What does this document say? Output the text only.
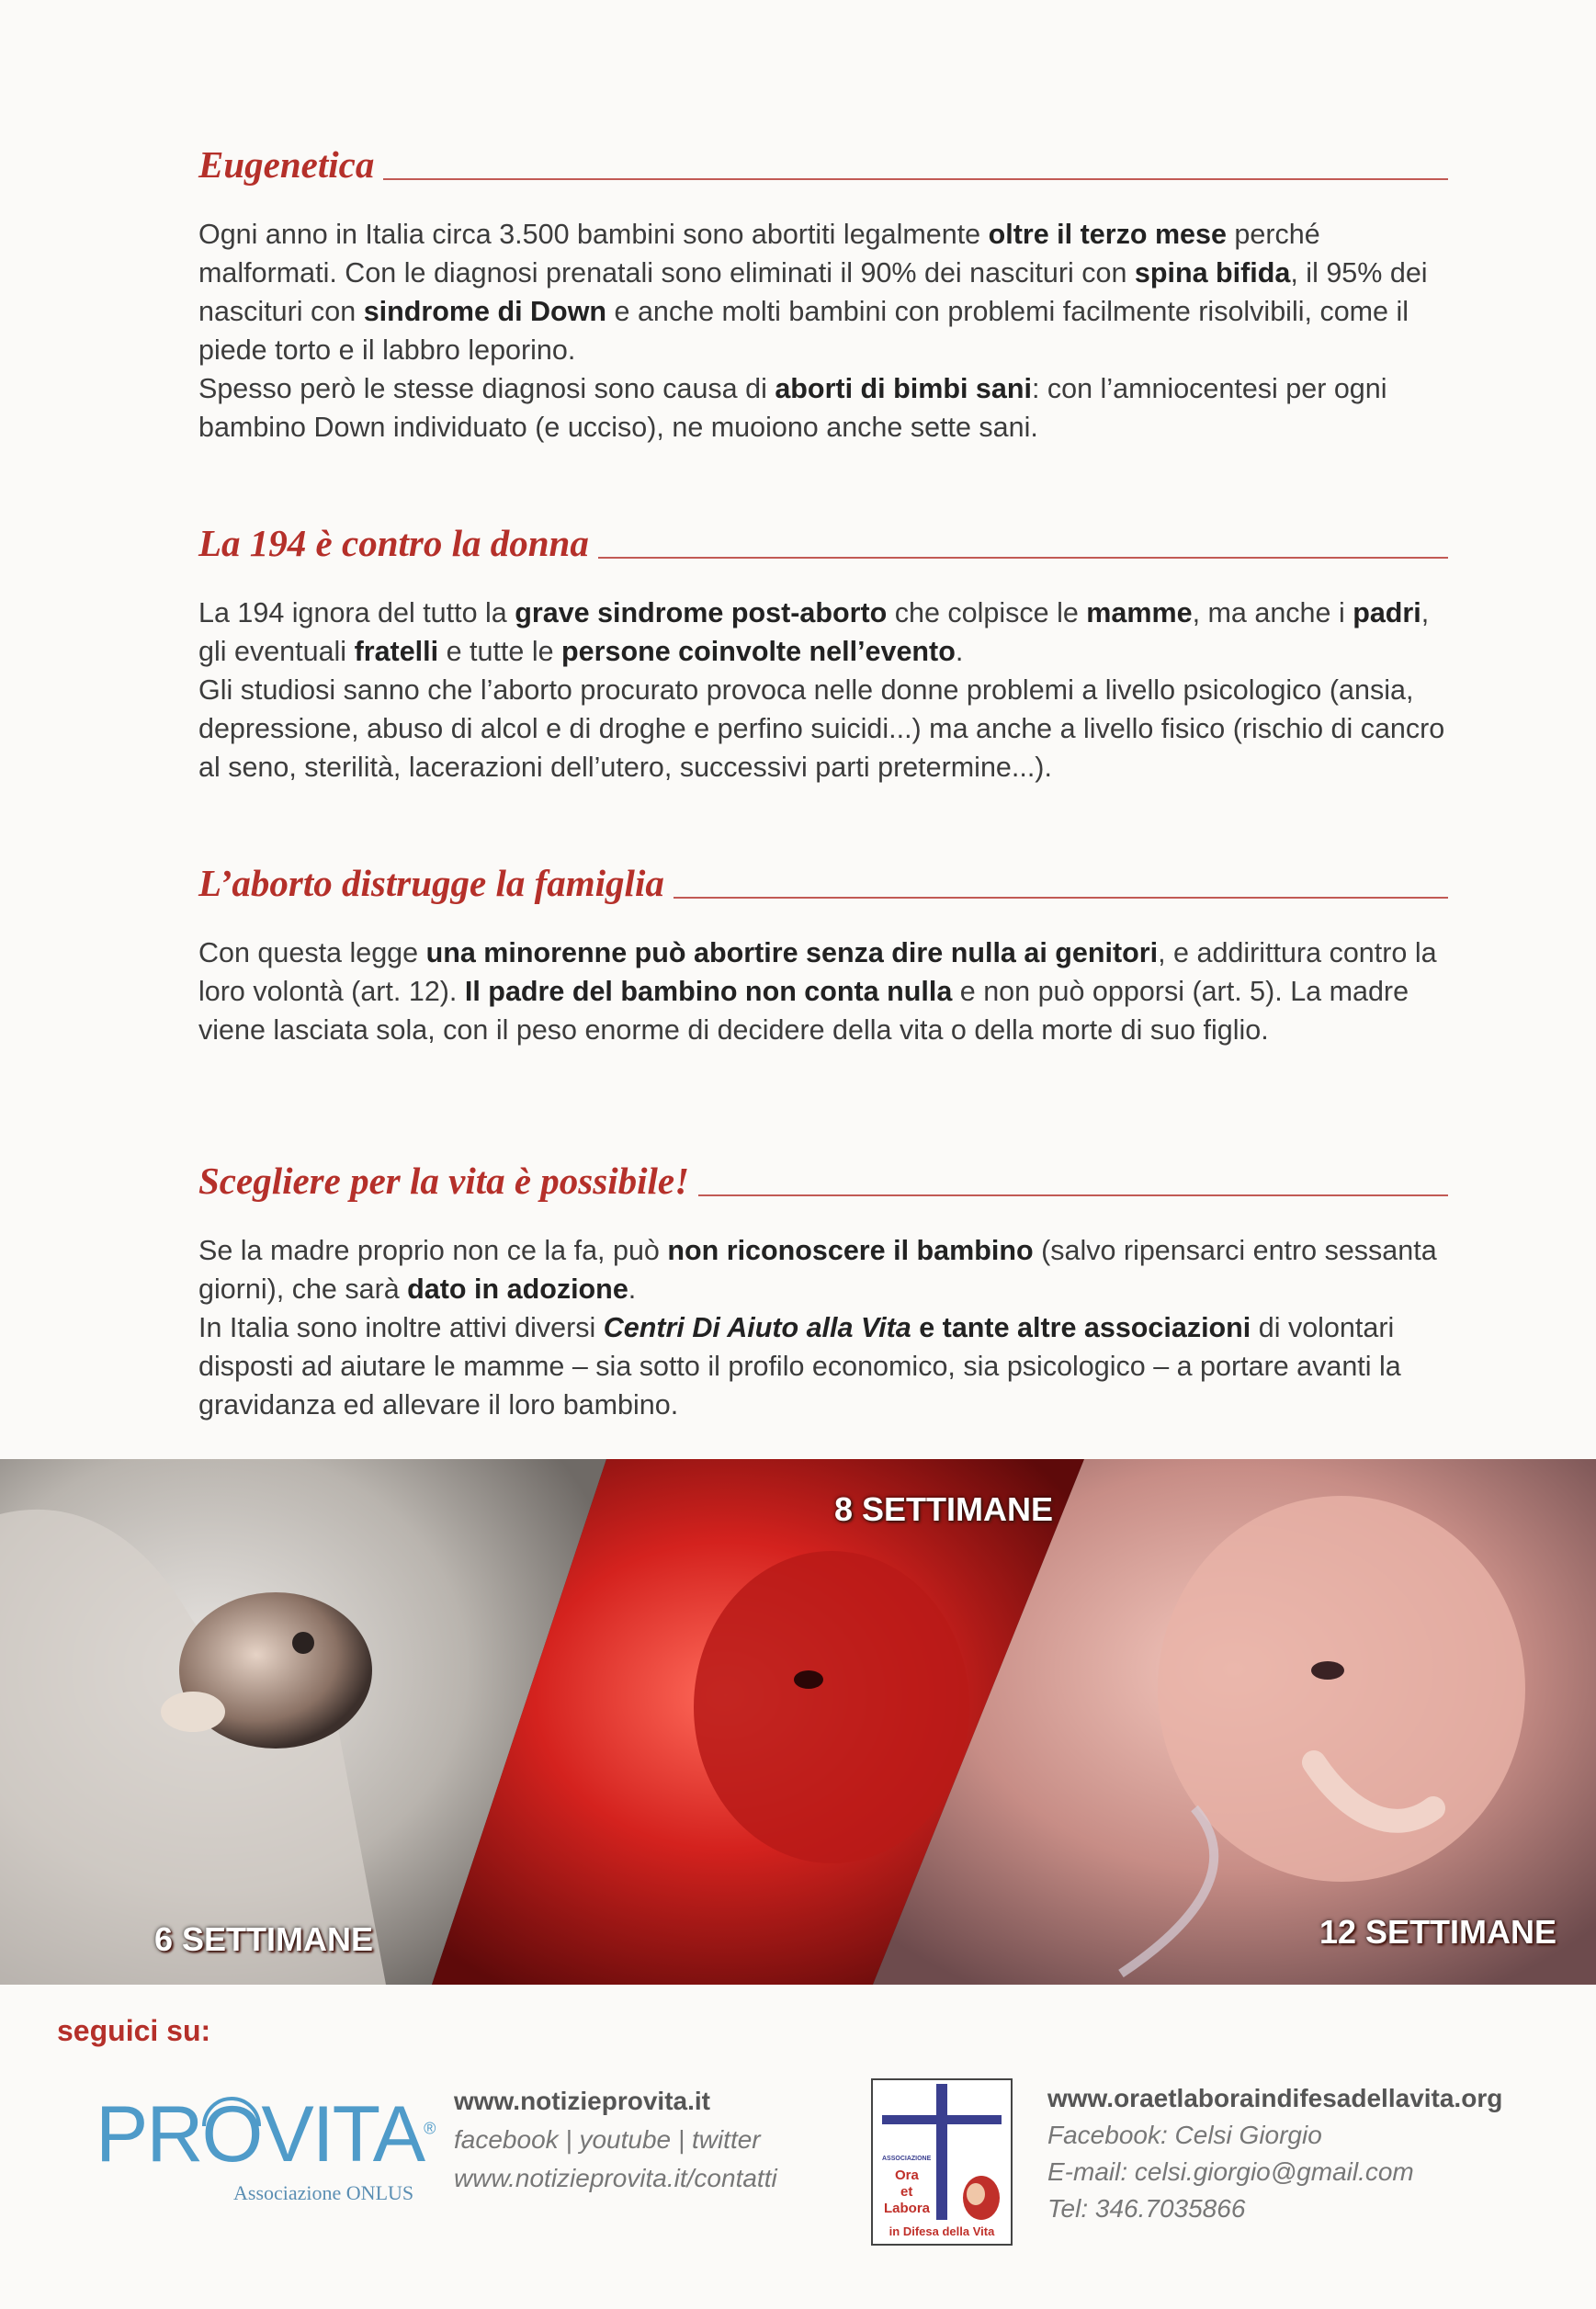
Eugenetica

Ogni anno in Italia circa 3.500 bambini sono abortiti legalmente oltre il terzo mese perché malformati. Con le diagnosi prenatali sono eliminati il 90% dei nascituri con spina bifida, il 95% dei nascituri con sindrome di Down e anche molti bambini con problemi facilmente risolvibili, come il piede torto e il labbro leporino.

Spesso però le stesse diagnosi sono causa di aborti di bimbi sani: con l’amniocentesi per ogni bambino Down individuato (e ucciso), ne muoiono anche sette sani.

La 194 è contro la donna

La 194 ignora del tutto la grave sindrome post-aborto che colpisce le mamme, ma anche i padri, gli eventuali fratelli e tutte le persone coinvolte nell’evento.

Gli studiosi sanno che l’aborto procurato provoca nelle donne problemi a livello psicologico (ansia, depressione, abuso di alcol e di droghe e perfino suicidi...) ma anche a livello fisico (rischio di cancro al seno, sterilità, lacerazioni dell’utero, successivi parti pretermine...).

L’aborto distrugge la famiglia

Con questa legge una minorenne può abortire senza dire nulla ai genitori, e addirittura contro la loro volontà (art. 12). Il padre del bambino non conta nulla e non può opporsi (art. 5). La madre viene lasciata sola, con il peso enorme di decidere della vita o della morte di suo figlio.

Scegliere per la vita è possibile!

Se la madre proprio non ce la fa, può non riconoscere il bambino (salvo ripensarci entro sessanta giorni), che sarà dato in adozione.

In Italia sono inoltre attivi diversi Centri Di Aiuto alla Vita e tante altre associazioni di volontari disposti ad aiutare le mamme – sia sotto il profilo economico, sia psicologico – a portare avanti la gravidanza ed allevare il loro bambino.

6 SETTIMANE
8 SETTIMANE
12 SETTIMANE
seguici su:
PROVITA®
Associazione ONLUS
www.notizieprovita.it
facebook | youtube | twitter
www.notizieprovita.it/contatti
ASSOCIAZIONE
Ora
et
Labora
in Difesa della Vita
www.oraetlaboraindifesadellavita.org
Facebook: Celsi Giorgio
E-mail: celsi.giorgio@gmail.com
Tel: 346.7035866
